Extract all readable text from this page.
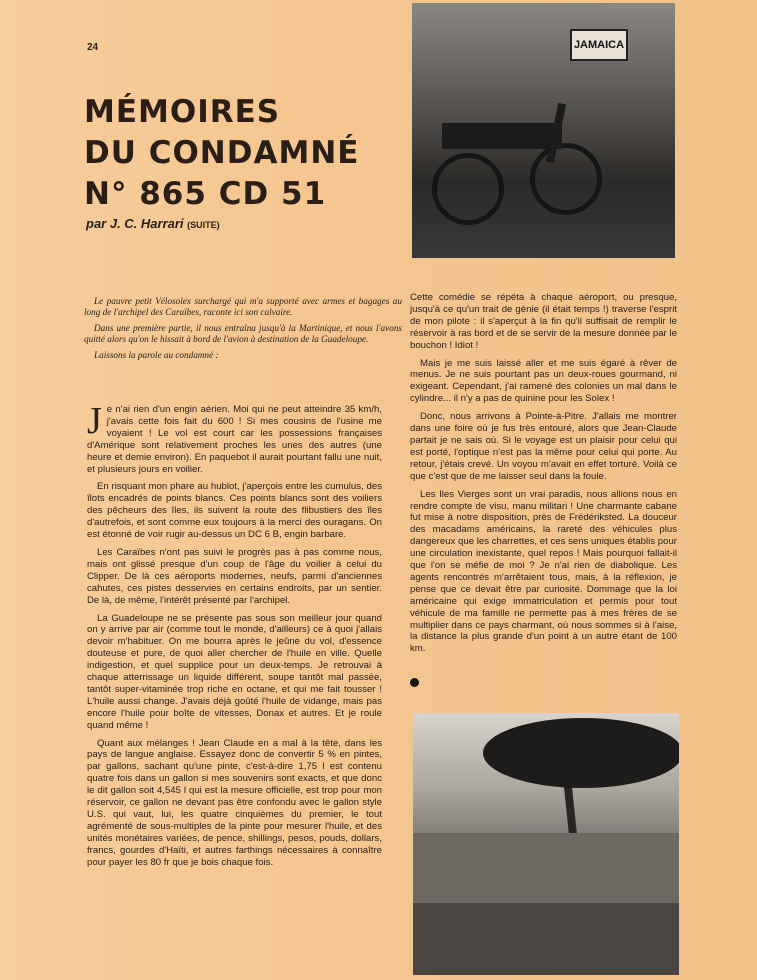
24
MÉMOIRES
DU CONDAMNÉ
N° 865 CD 51
par J. C. Harrari (SUITE)
JAMAICA

Le pauvre petit Vélosolex surchargé qui m'a supporté avec armes et bagages au long de l'archipel des Caraïbes, raconte ici son calvaire.

Dans une première partie, il nous entraîna jusqu'à la Martinique, et nous l'avons quitté alors qu'on le hissait à bord de l'avion à destination de la Guadeloupe.

Laissons la parole au condamné :

Je n'ai rien d'un engin aérien. Moi qui ne peut atteindre 35 km/h, j'avais cette fois fait du 600 ! Si mes cousins de l'usine me voyaient ! Le vol est court car les possessions françaises d'Amérique sont relativement proches les unes des autres (une heure et demie environ). En paquebot il aurait pourtant fallu une nuit, et plusieurs jours en voilier.

En risquant mon phare au hublot, j'aperçois entre les cumulus, des îlots encadrés de points blancs. Ces points blancs sont des voiliers des pêcheurs des îles, ils suivent la route des flibustiers des îles d'autrefois, et sont comme eux toujours à la merci des ouragans. On est étonné de voir rugir au-dessus un DC 6 B, engin barbare.

Les Caraïbes n'ont pas suivi le progrès pas à pas comme nous, mais ont glissé presque d'un coup de l'âge du voilier à celui du Clipper. De là ces aéroports modernes, neufs, parmi d'anciennes cahutes, ces pistes desservies en certains endroits, par un sentier. De là, de même, l'intérêt présenté par l'archipel.

La Guadeloupe ne se présente pas sous son meilleur jour quand on y arrive par air (comme tout le monde, d'ailleurs) ce à quoi j'allais devoir m'habituer. On me bourra après le jeûne du vol, d'essence douteuse et pure, de quoi aller chercher de l'huile en ville. Quelle indigestion, et quel supplice pour un deux-temps. Je retrouvai à chaque atterrissage un liquide différent, soupe tantôt mal passée, tantôt super-vitaminée trop riche en octane, et qui me fait tousser ! L'huile aussi change. J'avais déjà goûté l'huile de vidange, mais pas encore l'huile pour boîte de vitesses, Donax et autres. Et je roule quand même !

Quant aux mélanges ! Jean Claude en a mal à la tête, dans les pays de langue anglaise. Essayez donc de convertir 5 % en pintes, par gallons, sachant qu'une pinte, c'est-à-dire 1,75 l est contenu quatre fois dans un gallon si mes souvenirs sont exacts, et que donc le dit gallon soit 4,545 l qui est la mesure officielle, est trop pour mon réservoir, ce gallon ne devant pas être confondu avec le gallon style U.S. qui vaut, lui, les quatre cinquièmes du premier, le tout agrémenté de sous-multiples de la pinte pour mesurer l'huile, et des unités monétaires variées, de pence, shillings, pesos, pouds, dollars, francs, gourdes d'Haïti, et autres farthings nécessaires à connaître pour payer les 80 fr que je bois chaque fois.

Cette comédie se répéta à chaque aéroport, ou presque, jusqu'à ce qu'un trait de génie (il était temps !) traverse l'esprit de mon pilote : il s'aperçut à la fin qu'il suffisait de remplir le réservoir à ras bord et de se servir de la mesure donnée par le bouchon ! Idiot !

Mais je me suis laissé aller et me suis égaré à rêver de menus. Je ne suis pourtant pas un deux-roues gourmand, ni exigeant. Cependant, j'ai ramené des colonies un mal dans le cylindre... il n'y a pas de quinine pour les Solex !

Donc, nous arrivons à Pointe-à-Pitre. J'allais me montrer dans une foire où je fus très entouré, alors que Jean-Claude partait je ne sais où. Si le voyage est un plaisir pour celui qui est porté, l'optique n'est pas la même pour celui qui porte. Au retour, j'étais crevé. Un voyou m'avait en effet torturé. Voilà ce que c'est que de me laisser seul dans la foule.

Les Iles Vierges sont un vrai paradis, nous allions nous en rendre compte de visu, manu militari ! Une charmante cabane fut mise à notre disposition, près de Frédériksted. La douceur des macadams américains, la rareté des véhicules plus dangereux que les charrettes, et ces sens uniques établis pour une circulation inexistante, quel repos ! Mais pourquoi fallait-il que l'on se méfie de moi ? Je n'ai rien de diabolique. Les agents rencontrés m'arrêtaient tous, mais, à la réflexion, je pense que ce devait être par curiosité. Dommage que la loi américaine qui exige immatriculation et permis pour tout véhicule de ma famille ne permette pas à mes frères de se multiplier dans ce pays charmant, où nous sommes si à l'aise, la distance la plus grande d'un point à un autre étant de 100 km.
